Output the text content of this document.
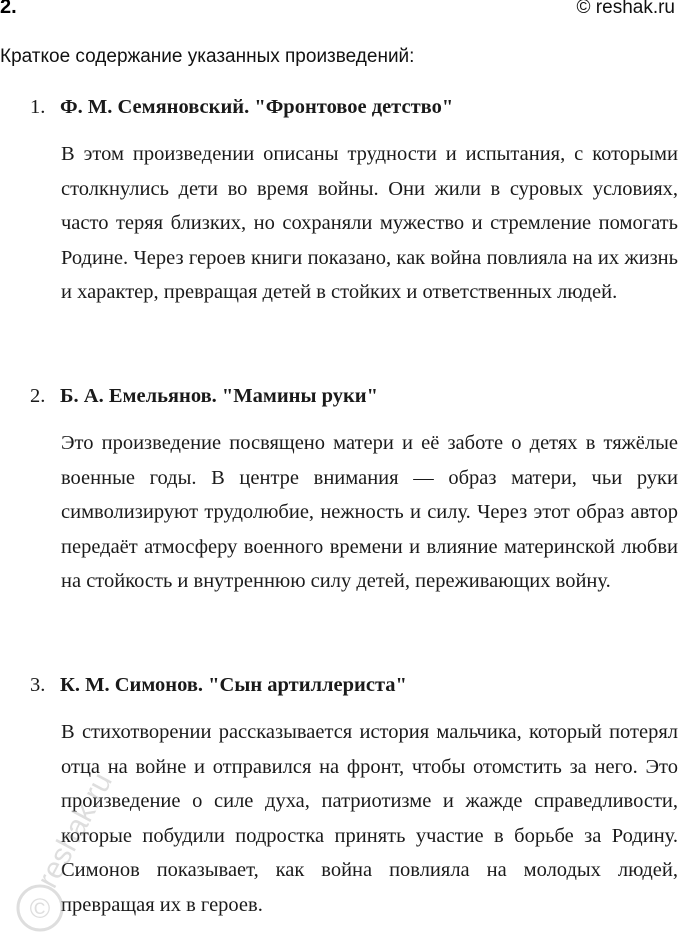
2.	© reshak.ru
Краткое содержание указанных произведений:
1. Ф. М. Семяновский. "Фронтовое детство"
В этом произведении описаны трудности и испытания, с которыми столкнулись дети во время войны. Они жили в суровых условиях, часто теряя близких, но сохраняли мужество и стремление помогать Родине. Через героев книги показано, как война повлияла на их жизнь и характер, превращая детей в стойких и ответственных людей.
2. Б. А. Емельянов. "Мамины руки"
Это произведение посвящено матери и её заботе о детях в тяжёлые военные годы. В центре внимания — образ матери, чьи руки символизируют трудолюбие, нежность и силу. Через этот образ автор передаёт атмосферу военного времени и влияние материнской любви на стойкость и внутреннюю силу детей, переживающих войну.
3. К. М. Симонов. "Сын артиллериста"
В стихотворении рассказывается история мальчика, который потерял отца на войне и отправился на фронт, чтобы отомстить за него. Это произведение о силе духа, патриотизме и жажде справедливости, которые побудили подростка принять участие в борьбе за Родину. Симонов показывает, как война повлияла на молодых людей, превращая их в героев.
©
reshak.ru
